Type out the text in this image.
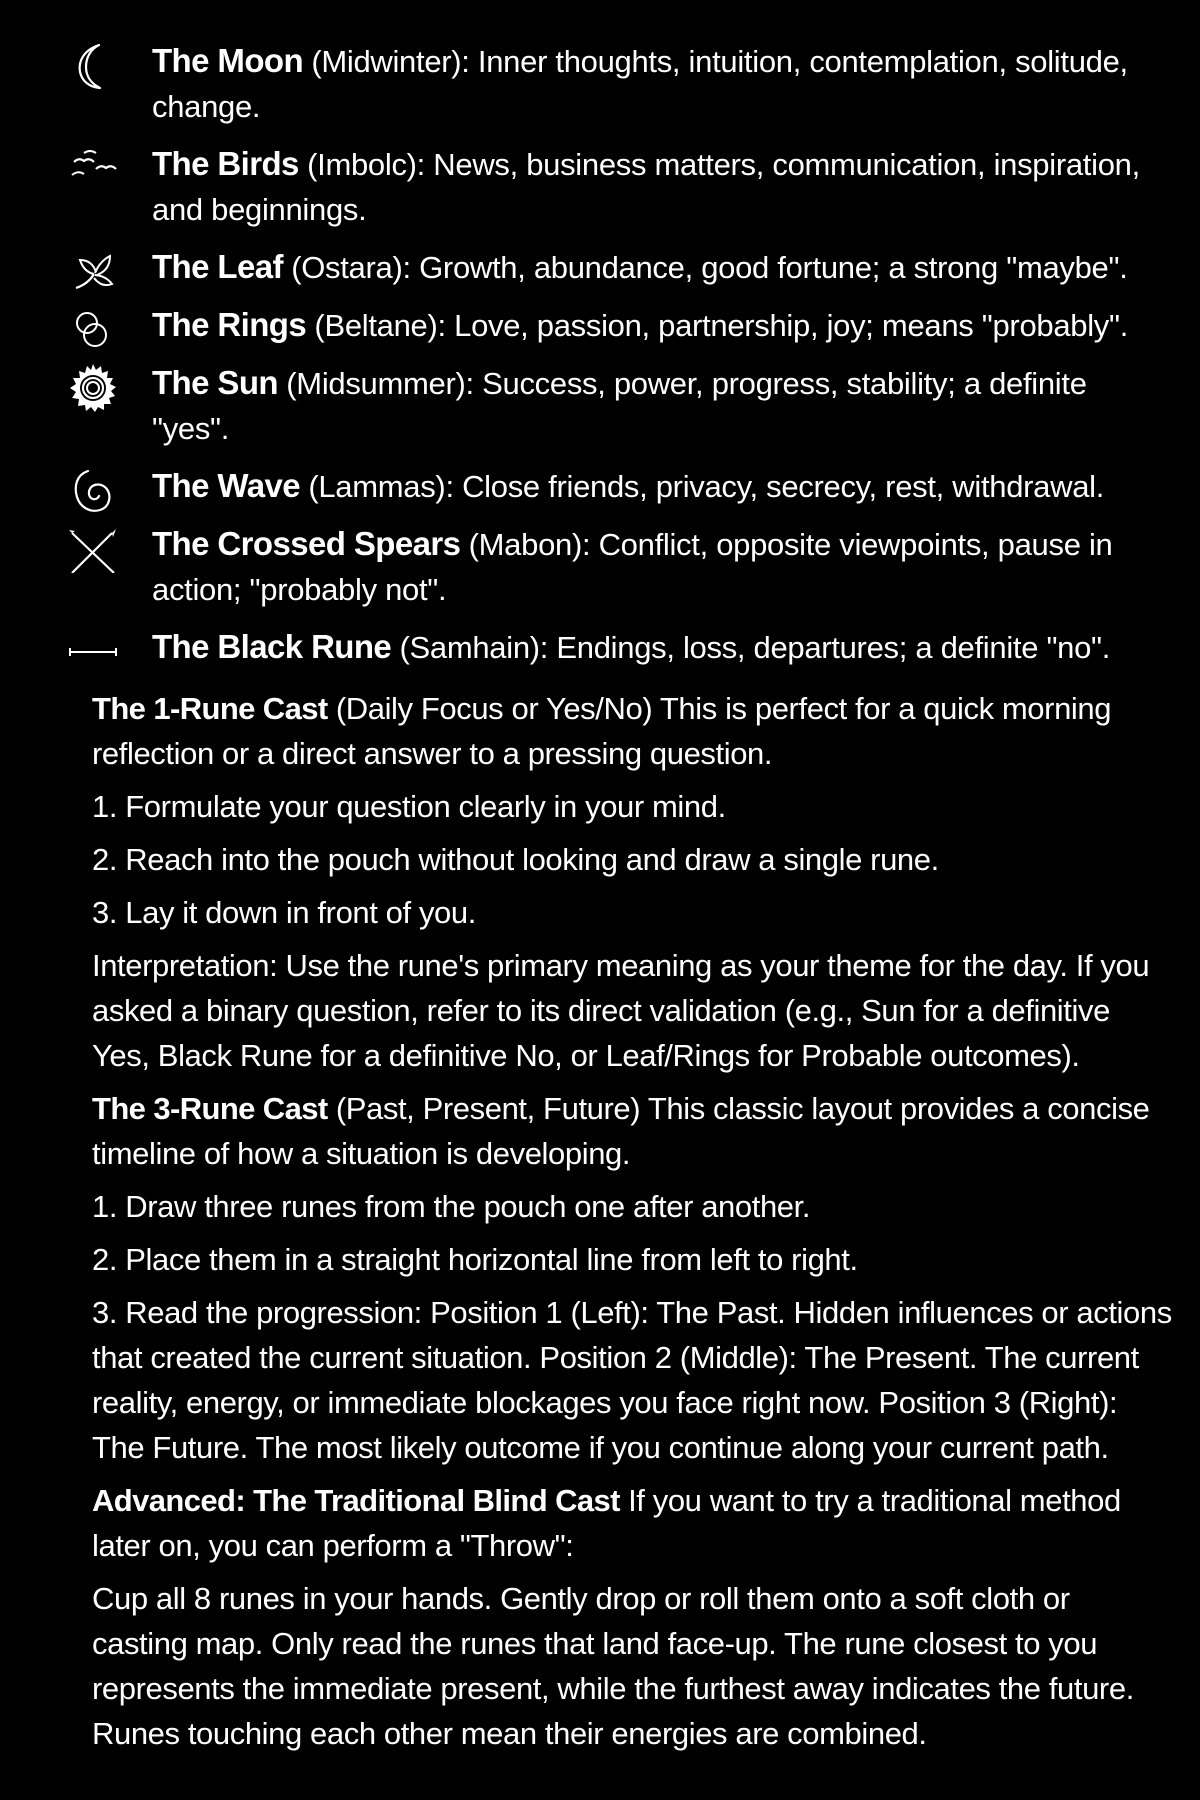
The Moon (Midwinter): Inner thoughts, intuition, contemplation, solitude, change.
The Birds (Imbolc): News, business matters, communication, inspiration, and beginnings.
The Leaf (Ostara): Growth, abundance, good fortune; a strong "maybe".
The Rings (Beltane): Love, passion, partnership, joy; means "probably".
The Sun (Midsummer): Success, power, progress, stability; a definite "yes".
The Wave (Lammas): Close friends, privacy, secrecy, rest, withdrawal.
The Crossed Spears (Mabon): Conflict, opposite viewpoints, pause in action; "probably not".
The Black Rune (Samhain): Endings, loss, departures; a definite "no".

The 1-Rune Cast (Daily Focus or Yes/No) This is perfect for a quick morning reflection or a direct answer to a pressing question.

1. Formulate your question clearly in your mind.

2. Reach into the pouch without looking and draw a single rune.

3. Lay it down in front of you.

Interpretation: Use the rune's primary meaning as your theme for the day. If you asked a binary question, refer to its direct validation (e.g., Sun for a definitive Yes, Black Rune for a definitive No, or Leaf/Rings for Probable outcomes).

The 3-Rune Cast (Past, Present, Future) This classic layout provides a concise timeline of how a situation is developing.

1. Draw three runes from the pouch one after another.

2. Place them in a straight horizontal line from left to right.

3. Read the progression: Position 1 (Left): The Past. Hidden influences or actions that created the current situation. Position 2 (Middle): The Present. The current reality, energy, or immediate blockages you face right now. Position 3 (Right): The Future. The most likely outcome if you continue along your current path.

Advanced: The Traditional Blind Cast If you want to try a traditional method later on, you can perform a "Throw":

Cup all 8 runes in your hands. Gently drop or roll them onto a soft cloth or casting map. Only read the runes that land face-up. The rune closest to you represents the immediate present, while the furthest away indicates the future. Runes touching each other mean their energies are combined.
